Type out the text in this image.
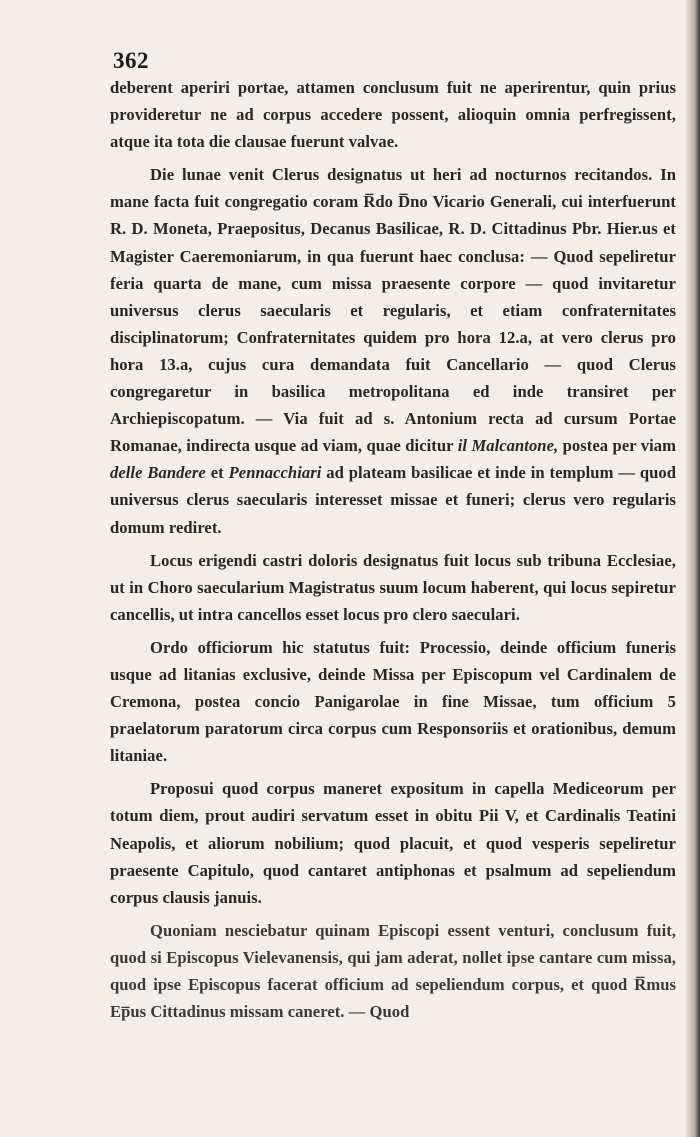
362

deberent aperiri portae, attamen conclusum fuit ne aperirentur, quin prius provideretur ne ad corpus accedere possent, alioquin omnia perfregissent, atque ita tota die clausae fuerunt valvae.

Die lunae venit Clerus designatus ut heri ad nocturnos recitandos. In mane facta fuit congregatio coram R̅do D̅no Vicario Generali, cui interfuerunt R. D. Moneta, Praepositus, Decanus Basilicae, R. D. Cittadinus Pbr. Hier.us et Magister Caeremoniarum, in qua fuerunt haec conclusa: — Quod sepeliretur feria quarta de mane, cum missa praesente corpore — quod invitaretur universus clerus saecularis et regularis, et etiam confraternitates disciplinatorum; Confraternitates quidem pro hora 12.a, at vero clerus pro hora 13.a, cujus cura demandata fuit Cancellario — quod Clerus congregaretur in basilica metropolitana ed inde transiret per Archiepiscopatum. — Via fuit ad s. Antonium recta ad cursum Portae Romanae, indirecta usque ad viam, quae dicitur il Malcantone, postea per viam delle Bandere et Pennacchiari ad plateam basilicae et inde in templum — quod universus clerus saecularis interesset missae et funeri; clerus vero regularis domum rediret.

Locus erigendi castri doloris designatus fuit locus sub tribuna Ecclesiae, ut in Choro saecularium Magistratus suum locum haberent, qui locus sepiretur cancellis, ut intra cancellos esset locus pro clero saeculari.

Ordo officiorum hic statutus fuit: Processio, deinde officium funeris usque ad litanias exclusive, deinde Missa per Episcopum vel Cardinalem de Cremona, postea concio Panigarolae in fine Missae, tum officium 5 praelatorum paratorum circa corpus cum Responsoriis et orationibus, demum litaniae.

Proposui quod corpus maneret expositum in capella Mediceorum per totum diem, prout audiri servatum esset in obitu Pii V, et Cardinalis Teatini Neapolis, et aliorum nobilium; quod placuit, et quod vesperis sepeliretur praesente Capitulo, quod cantaret antiphonas et psalmum ad sepeliendum corpus clausis januis.

Quoniam nesciebatur quinam Episcopi essent venturi, conclusum fuit, quod si Episcopus Vielevanensis, qui jam aderat, nollet ipse cantare cum missa, quod ipse Episcopus facerat officium ad sepeliendum corpus, et quod R̅mus Ep̅us Cittadinus missam caneret. — Quod
